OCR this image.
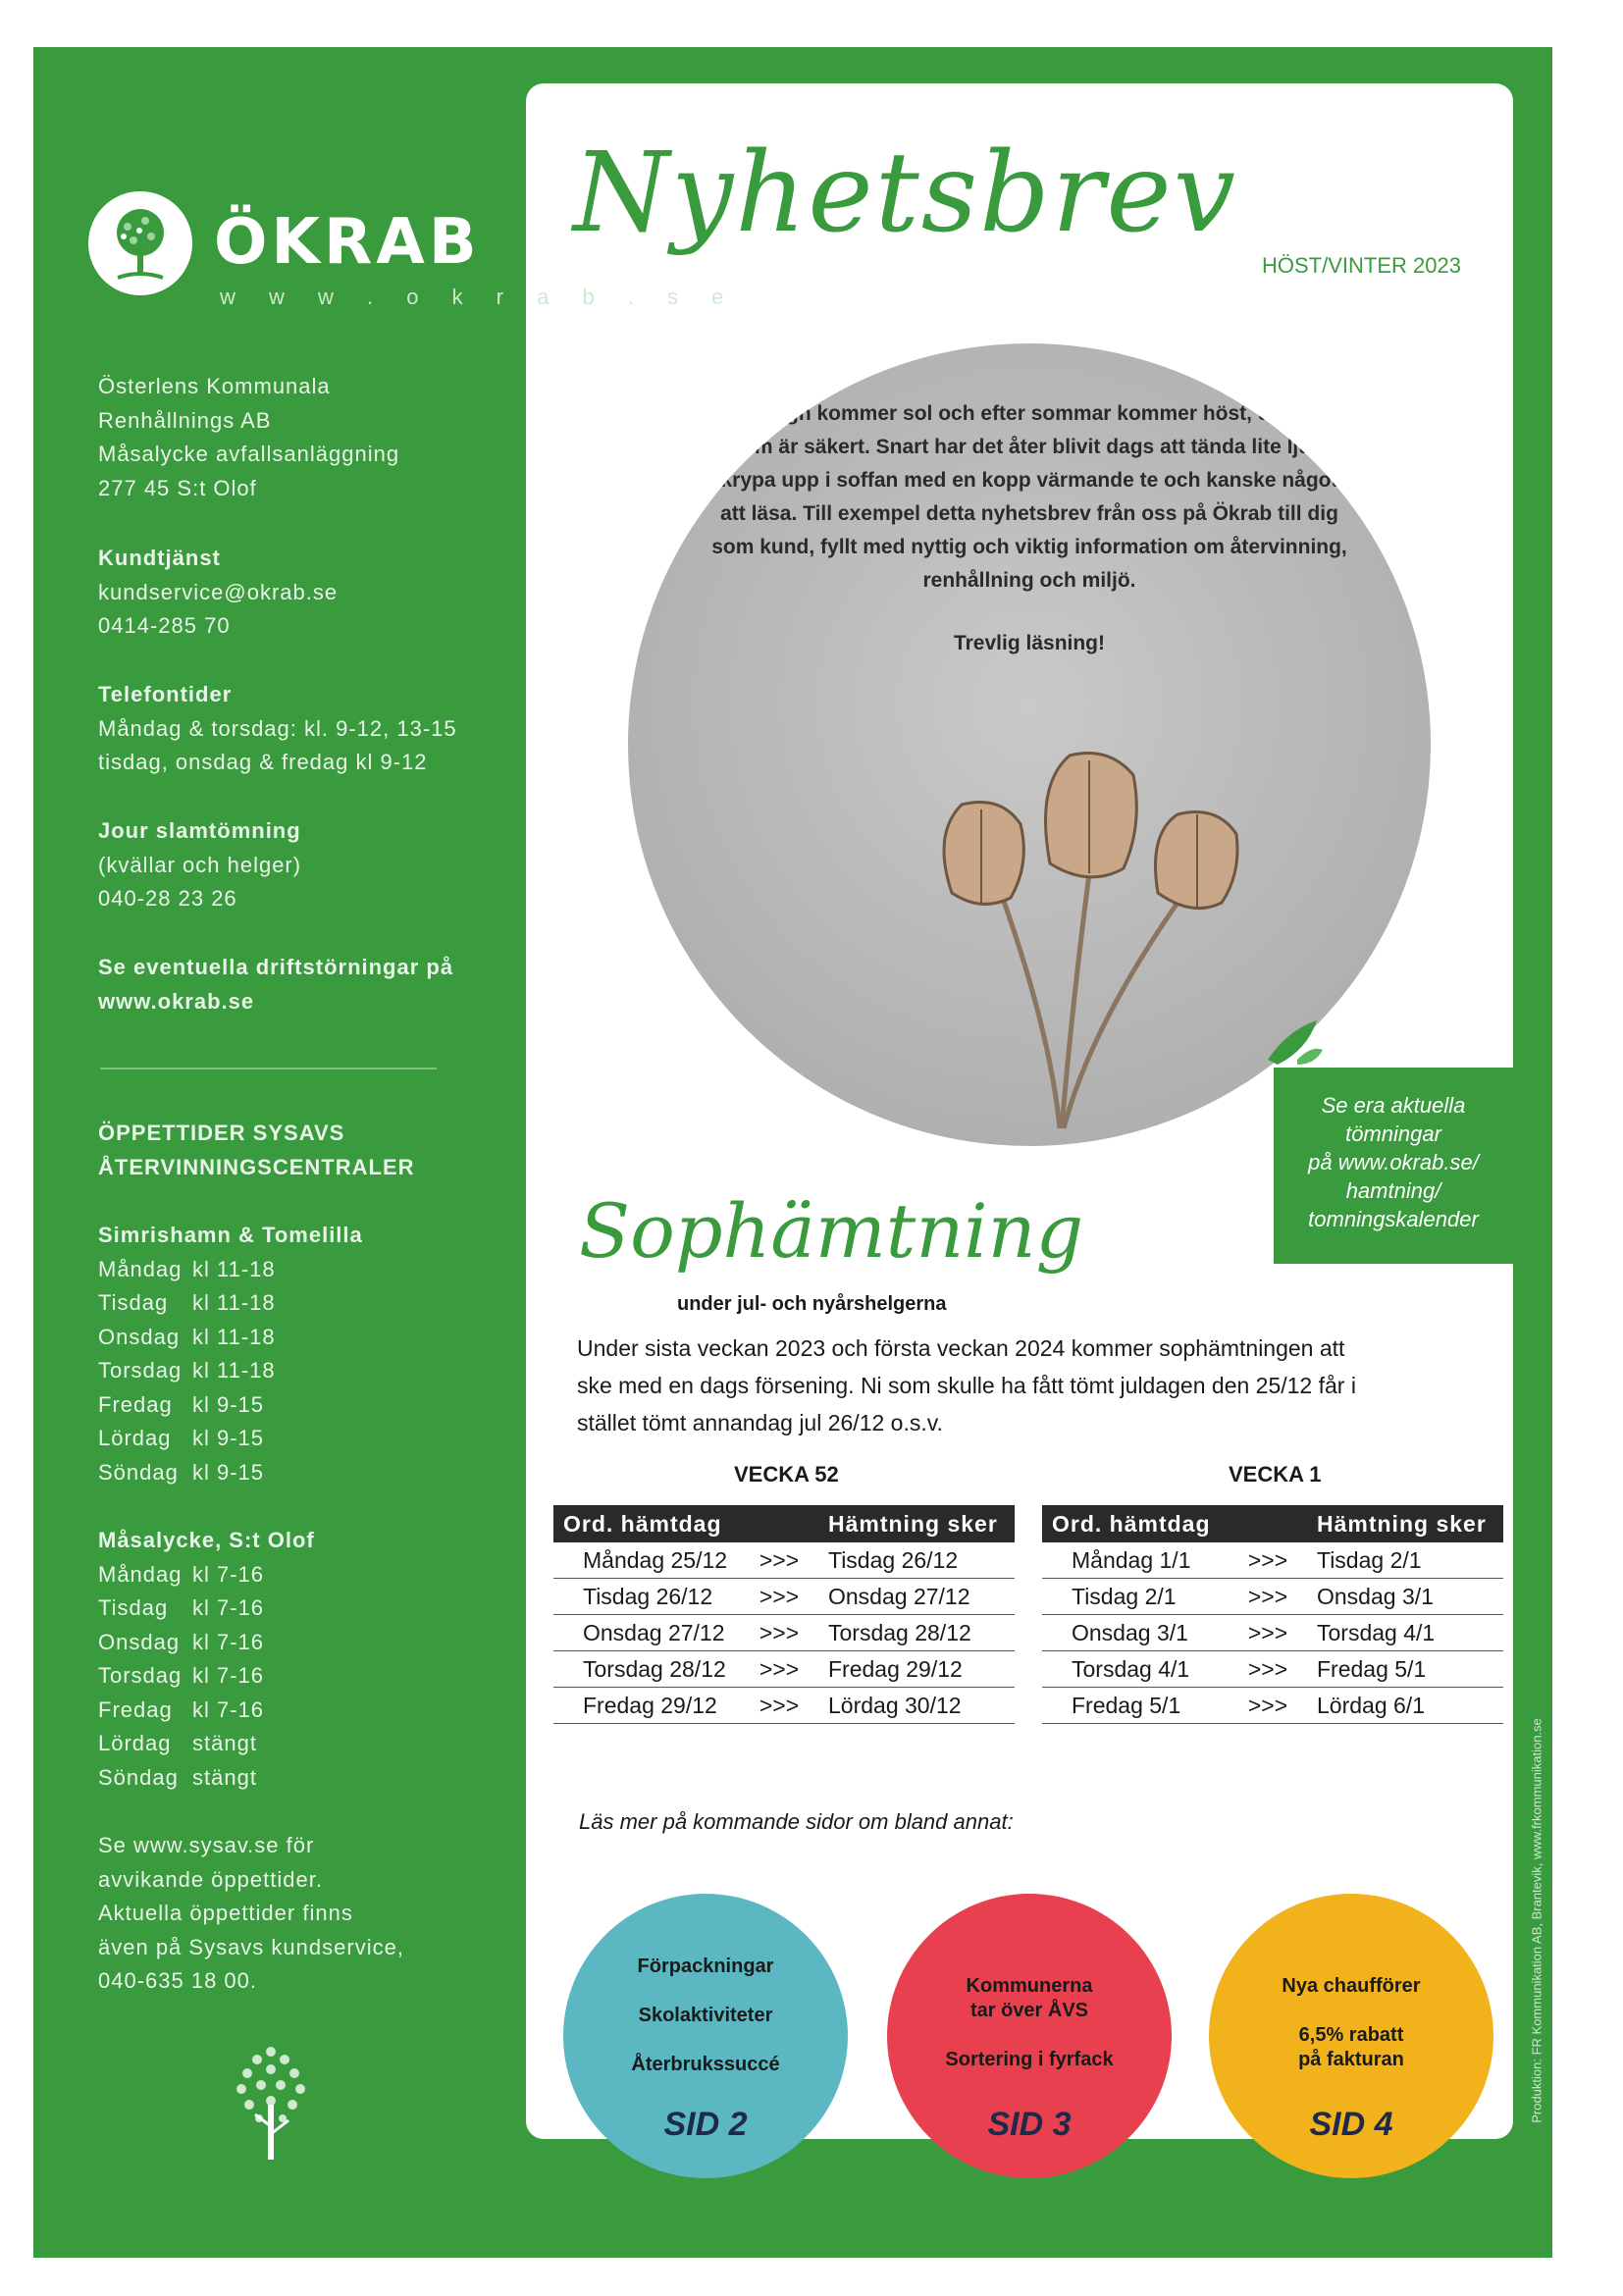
ÖKRAB
w w w . o k r a b . s e
Österlens Kommunala
Renhållnings AB
Måsalycke avfallsanläggning
277 45 S:t Olof
Kundtjänst
kundservice@okrab.se
0414-285 70
Telefontider
Måndag & torsdag: kl. 9-12, 13-15
tisdag, onsdag & fredag kl 9-12
Jour slamtömning
(kvällar och helger)
040-28 23 26
Se eventuella driftstörningar på
www.okrab.se
ÖPPETTIDER SYSAVS
ÅTERVINNINGSCENTRALER
Simrishamn & Tomelilla
Måndag kl 11-18
Tisdag kl 11-18
Onsdag kl 11-18
Torsdag kl 11-18
Fredag kl 9-15
Lördag kl 9-15
Söndag kl 9-15
Måsalycke, S:t Olof
Måndag kl 7-16
Tisdag kl 7-16
Onsdag kl 7-16
Torsdag kl 7-16
Fredag kl 7-16
Lördag stängt
Söndag stängt
Se www.sysav.se för
avvikande öppettider.
Aktuella öppettider finns
även på Sysavs kundservice,
040-635 18 00.
Nyhetsbrev
HÖST/VINTER 2023
Efter regn kommer sol och efter sommar kommer höst, det är ett som är säkert. Snart har det åter blivit dags att tända lite ljus, krypa upp i soffan med en kopp värmande te och kanske något att läsa. Till exempel detta nyhetsbrev från oss på Ökrab till dig som kund, fyllt med nyttig och viktig information om återvinning, renhållning och miljö.
Trevlig läsning!
Se era aktuella
tömningar
på www.okrab.se/
hamtning/
tomningskalender
Sophämtning
under jul- och nyårshelgerna
Under sista veckan 2023 och första veckan 2024 kommer sophämtningen att ske med en dags försening. Ni som skulle ha fått tömt juldagen den 25/12 får i stället tömt annandag jul 26/12 o.s.v.
VECKA 52	VECKA 1
Ord. hämtdag		Hämtning sker
Måndag 25/12	>>>	Tisdag 26/12
Tisdag 26/12	>>>	Onsdag 27/12
Onsdag 27/12	>>>	Torsdag 28/12
Torsdag 28/12	>>>	Fredag 29/12
Fredag 29/12	>>>	Lördag 30/12
Ord. hämtdag		Hämtning sker
Måndag 1/1	>>>	Tisdag 2/1
Tisdag 2/1	>>>	Onsdag 3/1
Onsdag 3/1	>>>	Torsdag 4/1
Torsdag 4/1	>>>	Fredag 5/1
Fredag 5/1	>>>	Lördag 6/1
Läs mer på kommande sidor om bland annat:
Förpackningar

Skolaktiviteter

Återbrukssuccé
SID 2
Kommunerna
tar över ÅVS

Sortering i fyrfack
SID 3
Nya chaufförer

6,5% rabatt
på fakturan
SID 4
Produktion: FR Kommunikation AB, Brantevik, www.frkommunikation.se
